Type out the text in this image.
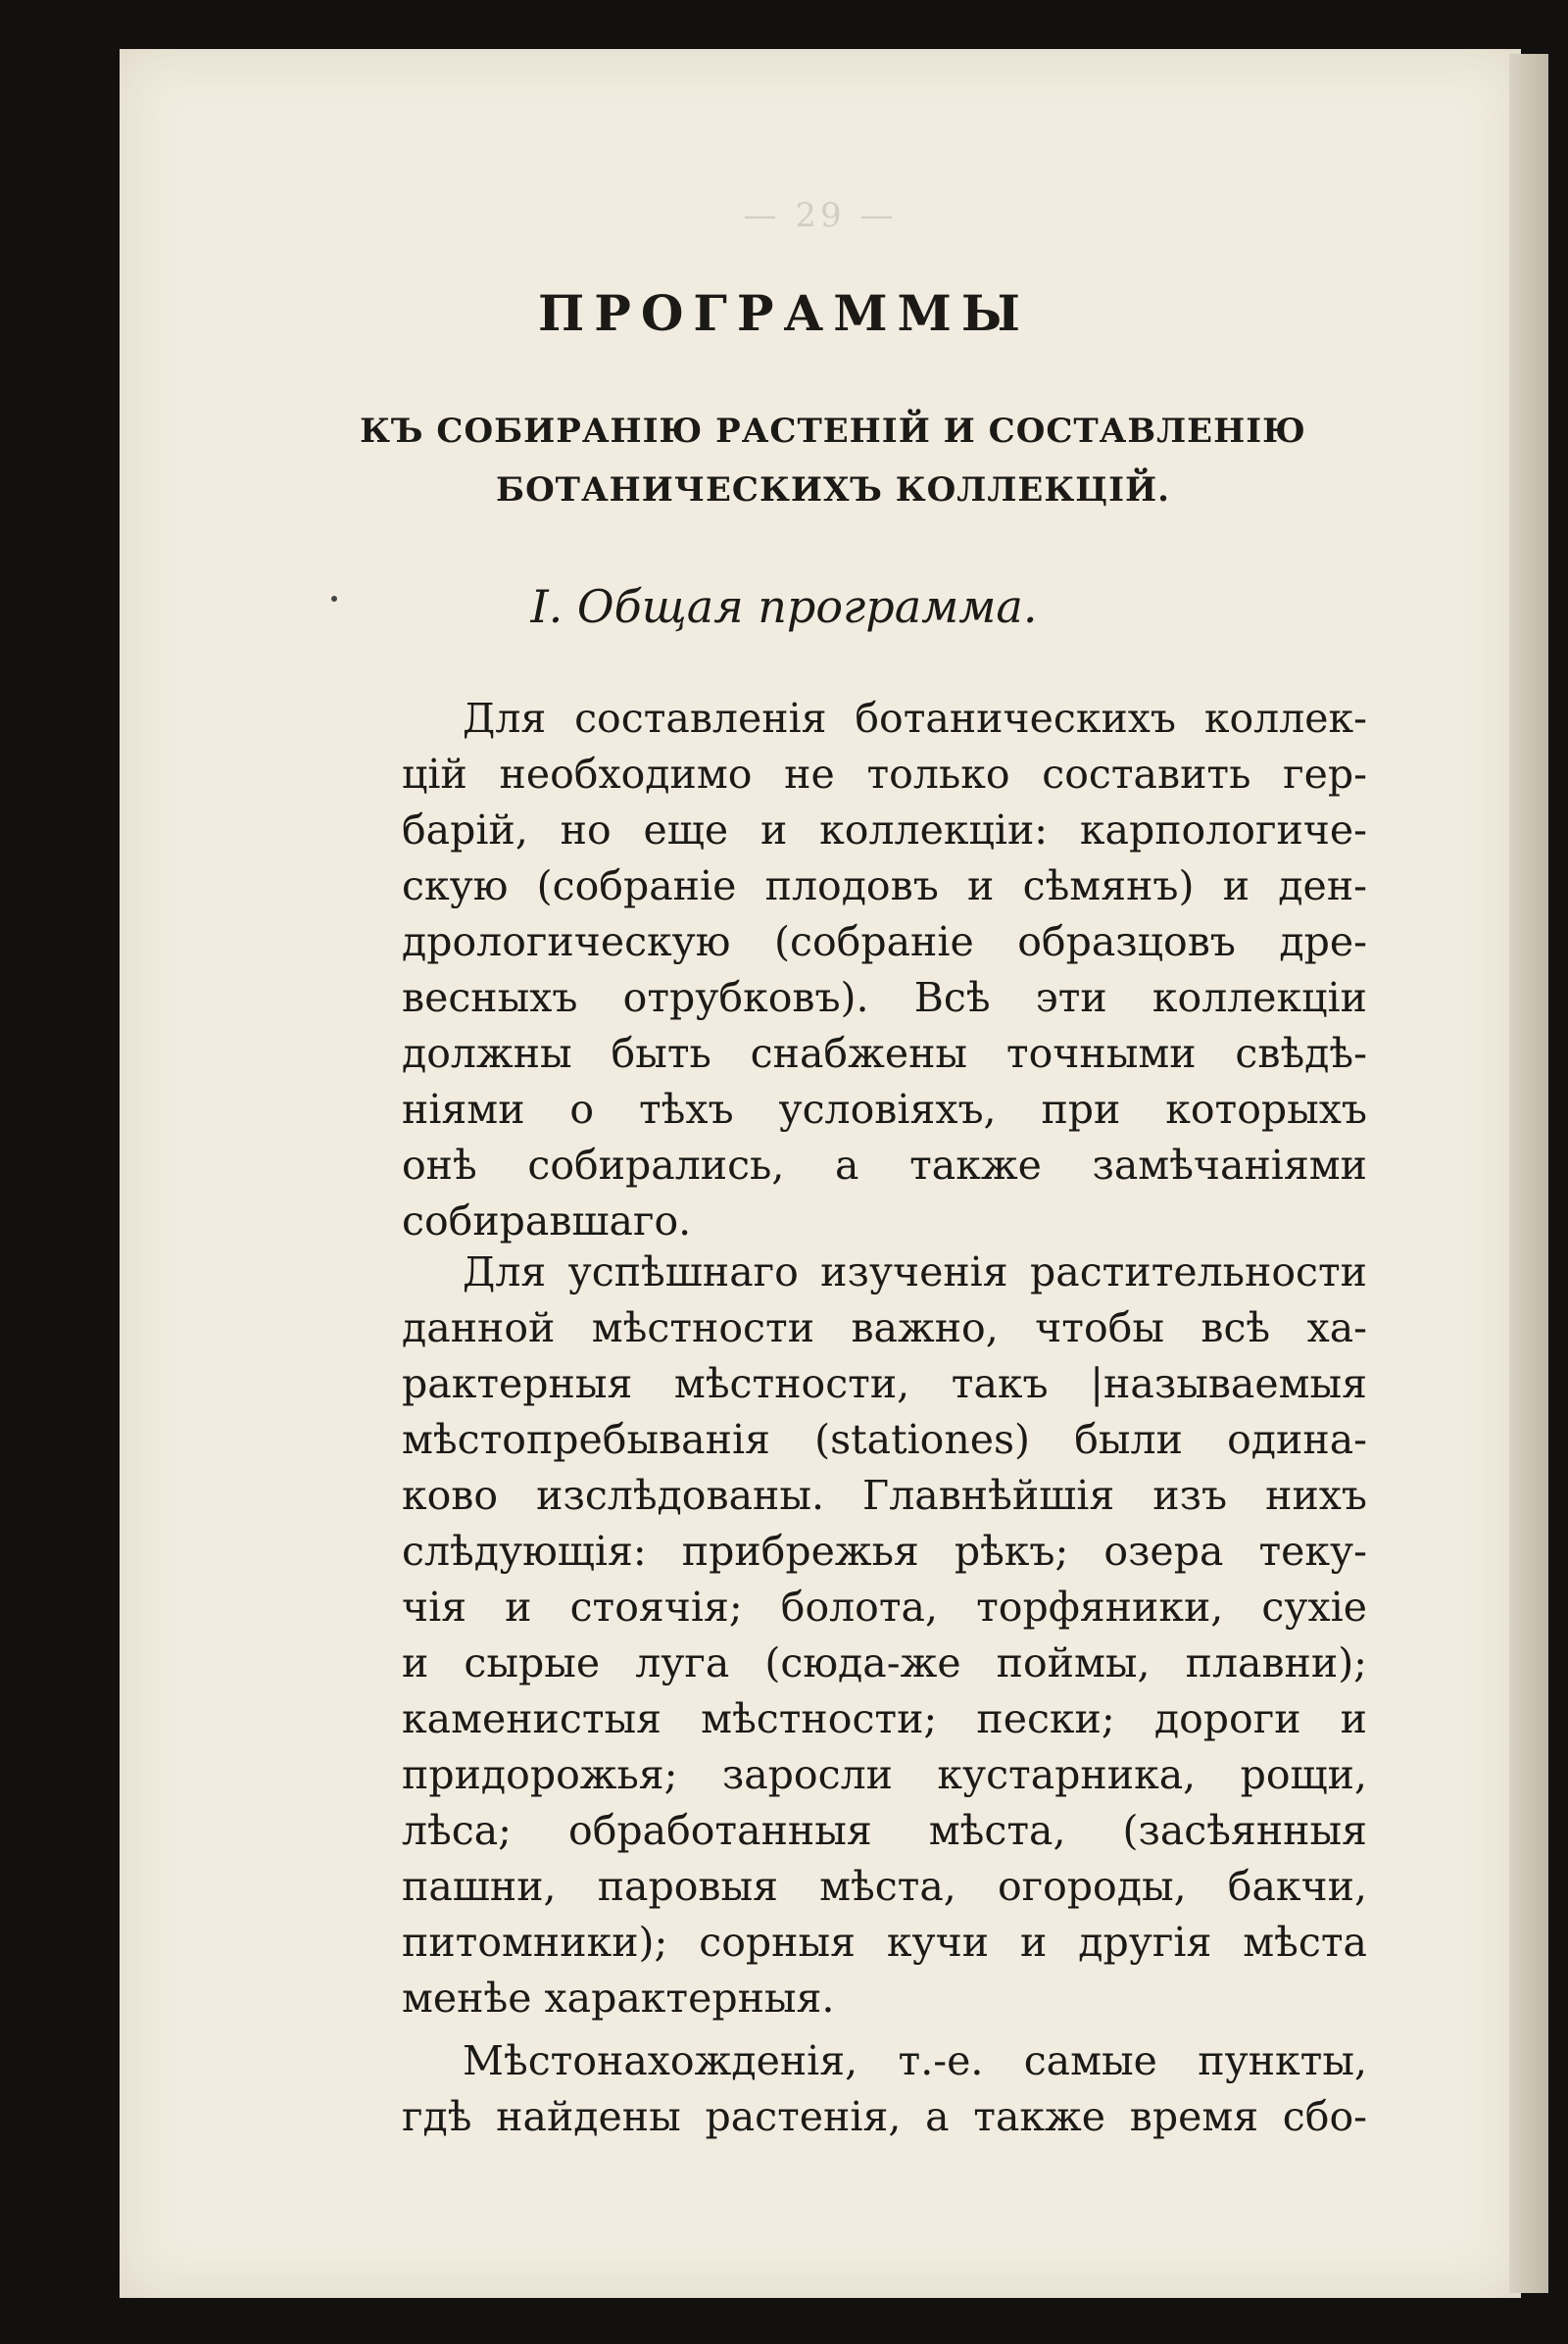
— 29 —
ПРОГРАММЫ
КЪ СОБИРАНІЮ РАСТЕНІЙ И СОСТАВЛЕНІЮ
БОТАНИЧЕСКИХЪ КОЛЛЕКЦІЙ.
I. Общая программа.
Для составленія ботаническихъ коллек-
цій необходимо не только составить гер-
барій, но еще и коллекціи: карпологиче-
скую (собраніе плодовъ и сѣмянъ) и ден-
дрологическую (собраніе образцовъ дре-
весныхъ отрубковъ). Всѣ эти коллекціи
должны быть снабжены точными свѣдѣ-
ніями о тѣхъ условіяхъ, при которыхъ
онѣ собирались, а также замѣчаніями
собиравшаго.
Для успѣшнаго изученія растительности
данной мѣстности важно, чтобы всѣ ха-
рактерныя мѣстности, такъ |называемыя
мѣстопребыванія (stationes) были одина-
ково изслѣдованы. Главнѣйшія изъ нихъ
слѣдующія: прибрежья рѣкъ; озера теку-
чія и стоячія; болота, торфяники, сухіе
и сырые луга (сюда-же поймы, плавни);
каменистыя мѣстности; пески; дороги и
придорожья; заросли кустарника, рощи,
лѣса; обработанныя мѣста, (засѣянныя
пашни, паровыя мѣста, огороды, бакчи,
питомники); сорныя кучи и другія мѣста
менѣе характерныя.
Мѣстонахожденія, т.-е. самые пункты,
гдѣ найдены растенія, а также время сбо-
